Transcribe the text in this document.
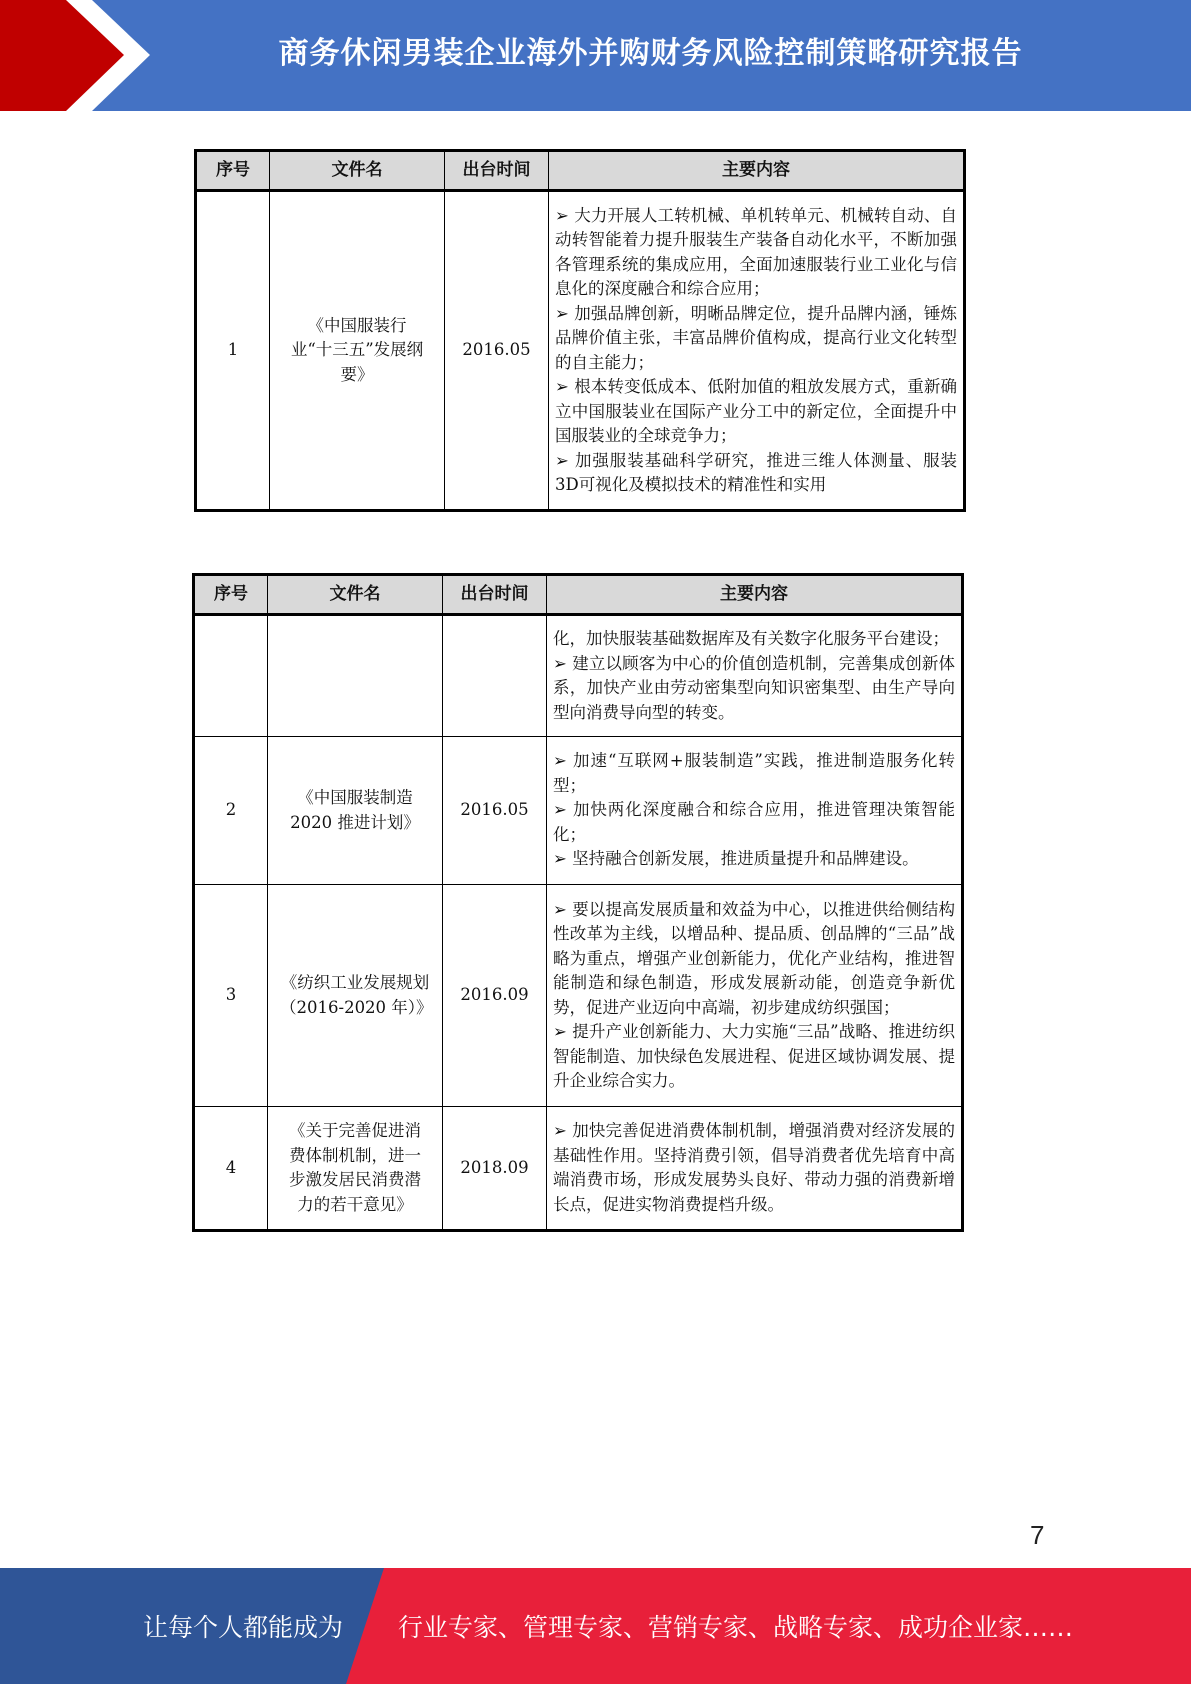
商务休闲男装企业海外并购财务风险控制策略研究报告
序号	文件名	出台时间	主要内容
1	《中国服装行业“十三五”发展纲要》	2016.05	➢ 大力开展人工转机械、单机转单元、机械转自动、自动转智能着力提升服装生产装备自动化水平，不断加强各管理系统的集成应用，全面加速服装行业工业化与信息化的深度融合和综合应用；
➢ 加强品牌创新，明晰品牌定位，提升品牌内涵，锤炼品牌价值主张，丰富品牌价值构成，提高行业文化转型的自主能力；
➢ 根本转变低成本、低附加值的粗放发展方式，重新确立中国服装业在国际产业分工中的新定位，全面提升中国服装业的全球竞争力；
➢ 加强服装基础科学研究，推进三维人体测量、服装3D可视化及模拟技术的精准性和实用
序号	文件名	出台时间	主要内容

			化，加快服装基础数据库及有关数字化服务平台建设；
➢ 建立以顾客为中心的价值创造机制，完善集成创新体系，加快产业由劳动密集型向知识密集型、由生产导向型向消费导向型的转变。

2	《中国服装制造2020 推进计划》	2016.05	➢ 加速“互联网+服装制造”实践，推进制造服务化转型；
➢ 加快两化深度融合和综合应用，推进管理决策智能化；
➢ 坚持融合创新发展，推进质量提升和品牌建设。

3	《纺织工业发展规划（2016-2020 年）》	2016.09	➢ 要以提高发展质量和效益为中心，以推进供给侧结构性改革为主线，以增品种、提品质、创品牌的“三品”战略为重点，增强产业创新能力，优化产业结构，推进智能制造和绿色制造，形成发展新动能，创造竞争新优势，促进产业迈向中高端，初步建成纺织强国；
➢ 提升产业创新能力、大力实施“三品”战略、推进纺织智能制造、加快绿色发展进程、促进区域协调发展、提升企业综合实力。

4	《关于完善促进消费体制机制，进一步激发居民消费潜力的若干意见》	2018.09	➢ 加快完善促进消费体制机制，增强消费对经济发展的基础性作用。坚持消费引领，倡导消费者优先培育中高端消费市场，形成发展势头良好、带动力强的消费新增长点，促进实物消费提档升级。
7
让每个人都能成为 行业专家、管理专家、营销专家、战略专家、成功企业家……
